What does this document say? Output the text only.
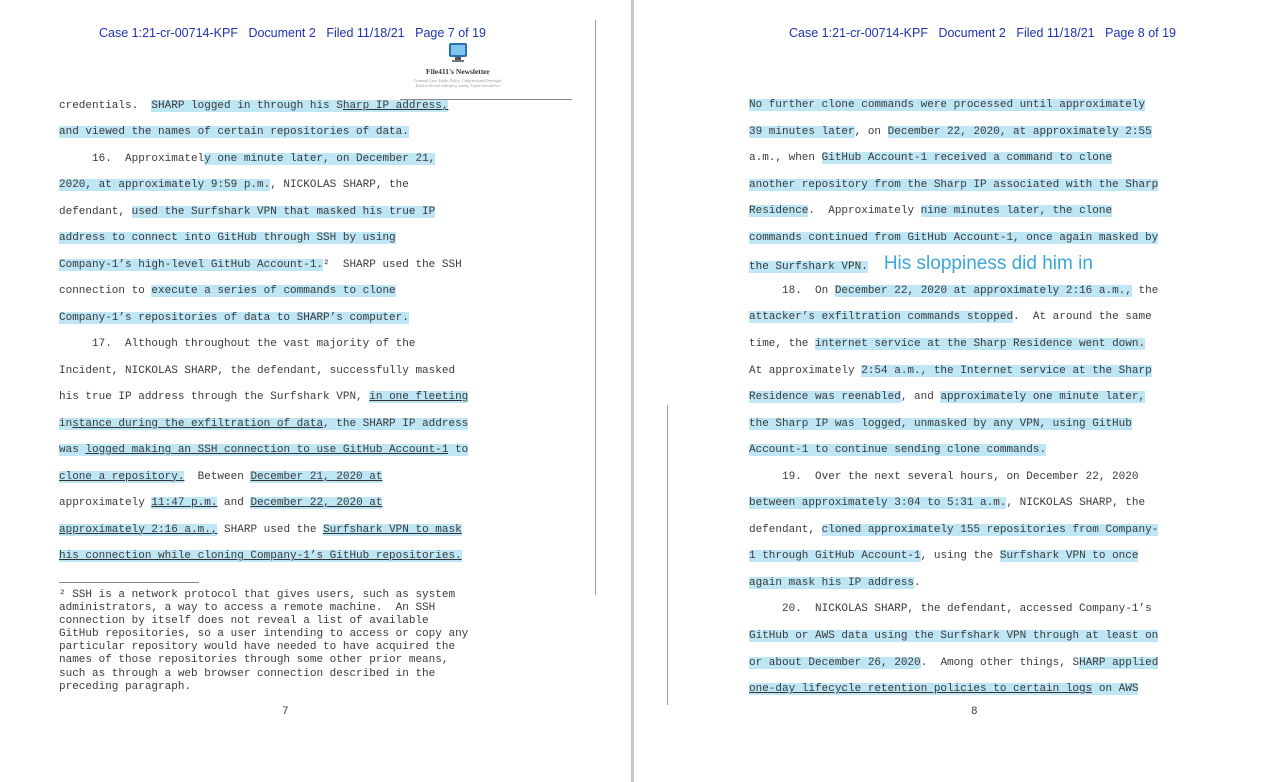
Case 1:21-cr-00714-KPF Document 2 Filed 11/18/21 Page 7 of 19
File411's Newsletter
Criminal Case, Public Policy, Congressional Oversight, Politics Served with spicy snarky, Typos free and hot
credentials.  SHARP logged in through his Sharp IP address,
and viewed the names of certain repositories of data.
16.  Approximately one minute later, on December 21,
2020, at approximately 9:59 p.m., NICKOLAS SHARP, the
defendant, used the Surfshark VPN that masked his true IP
address to connect into GitHub through SSH by using
Company-1’s high-level GitHub Account-1.²  SHARP used the SSH
connection to execute a series of commands to clone
Company-1’s repositories of data to SHARP’s computer.
17.  Although throughout the vast majority of the
Incident, NICKOLAS SHARP, the defendant, successfully masked
his true IP address through the Surfshark VPN, in one fleeting
instance during the exfiltration of data, the SHARP IP address
was logged making an SSH connection to use GitHub Account-1 to
clone a repository.  Between December 21, 2020 at
approximately 11:47 p.m. and December 22, 2020 at
approximately 2:16 a.m., SHARP used the Surfshark VPN to mask
his connection while cloning Company-1’s GitHub repositories.
² SSH is a network protocol that gives users, such as system
administrators, a way to access a remote machine.  An SSH
connection by itself does not reveal a list of available
GitHub repositories, so a user intending to access or copy any
particular repository would have needed to have acquired the
names of those repositories through some other prior means,
such as through a web browser connection described in the
preceding paragraph.
7
Case 1:21-cr-00714-KPF Document 2 Filed 11/18/21 Page 8 of 19
No further clone commands were processed until approximately
39 minutes later, on December 22, 2020, at approximately 2:55
a.m., when GitHub Account-1 received a command to clone
another repository from the Sharp IP associated with the Sharp
Residence.  Approximately nine minutes later, the clone
commands continued from GitHub Account-1, once again masked by
the Surfshark VPN. His sloppiness did him in
18.  On December 22, 2020 at approximately 2:16 a.m., the
attacker’s exfiltration commands stopped.  At around the same
time, the internet service at the Sharp Residence went down.
At approximately 2:54 a.m., the Internet service at the Sharp
Residence was reenabled, and approximately one minute later,
the Sharp IP was logged, unmasked by any VPN, using GitHub
Account-1 to continue sending clone commands.
19.  Over the next several hours, on December 22, 2020
between approximately 3:04 to 5:31 a.m., NICKOLAS SHARP, the
defendant, cloned approximately 155 repositories from Company-
1 through GitHub Account-1, using the Surfshark VPN to once
again mask his IP address.
20.  NICKOLAS SHARP, the defendant, accessed Company-1’s
GitHub or AWS data using the Surfshark VPN through at least on
or about December 26, 2020.  Among other things, SHARP applied
one-day lifecycle retention policies to certain logs on AWS
8
